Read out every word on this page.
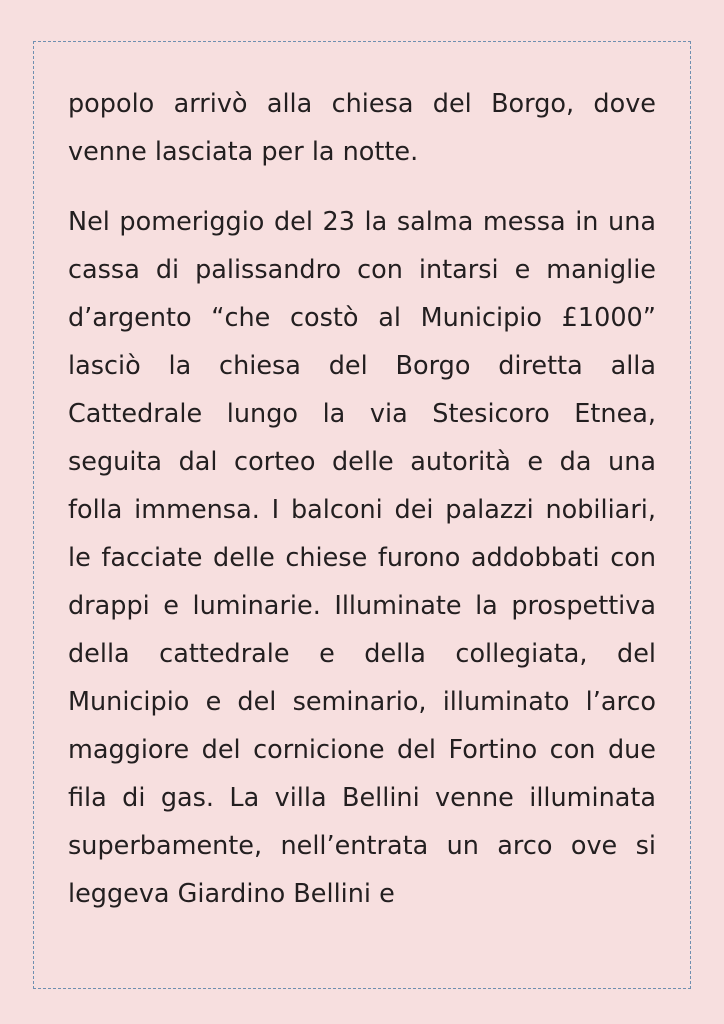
popolo arrivò alla chiesa del Borgo, dove venne lasciata per la notte.

Nel pomeriggio del 23 la salma messa in una cassa di palissandro con intarsi e maniglie d’argento “che costò al Municipio £1000” lasciò la chiesa del Borgo diretta alla Cattedrale lungo la via Stesicoro Etnea, seguita dal corteo delle autorità e da una folla immensa. I balconi dei palazzi nobiliari, le facciate delle chiese furono addobbati con drappi e luminarie. Illuminate la prospettiva della cattedrale e della collegiata, del Municipio e del seminario, illuminato l’arco maggiore del cornicione del Fortino con due fila di gas. La villa Bellini venne illuminata superbamente, nell’entrata un arco ove si leggeva Giardino Bellini e
